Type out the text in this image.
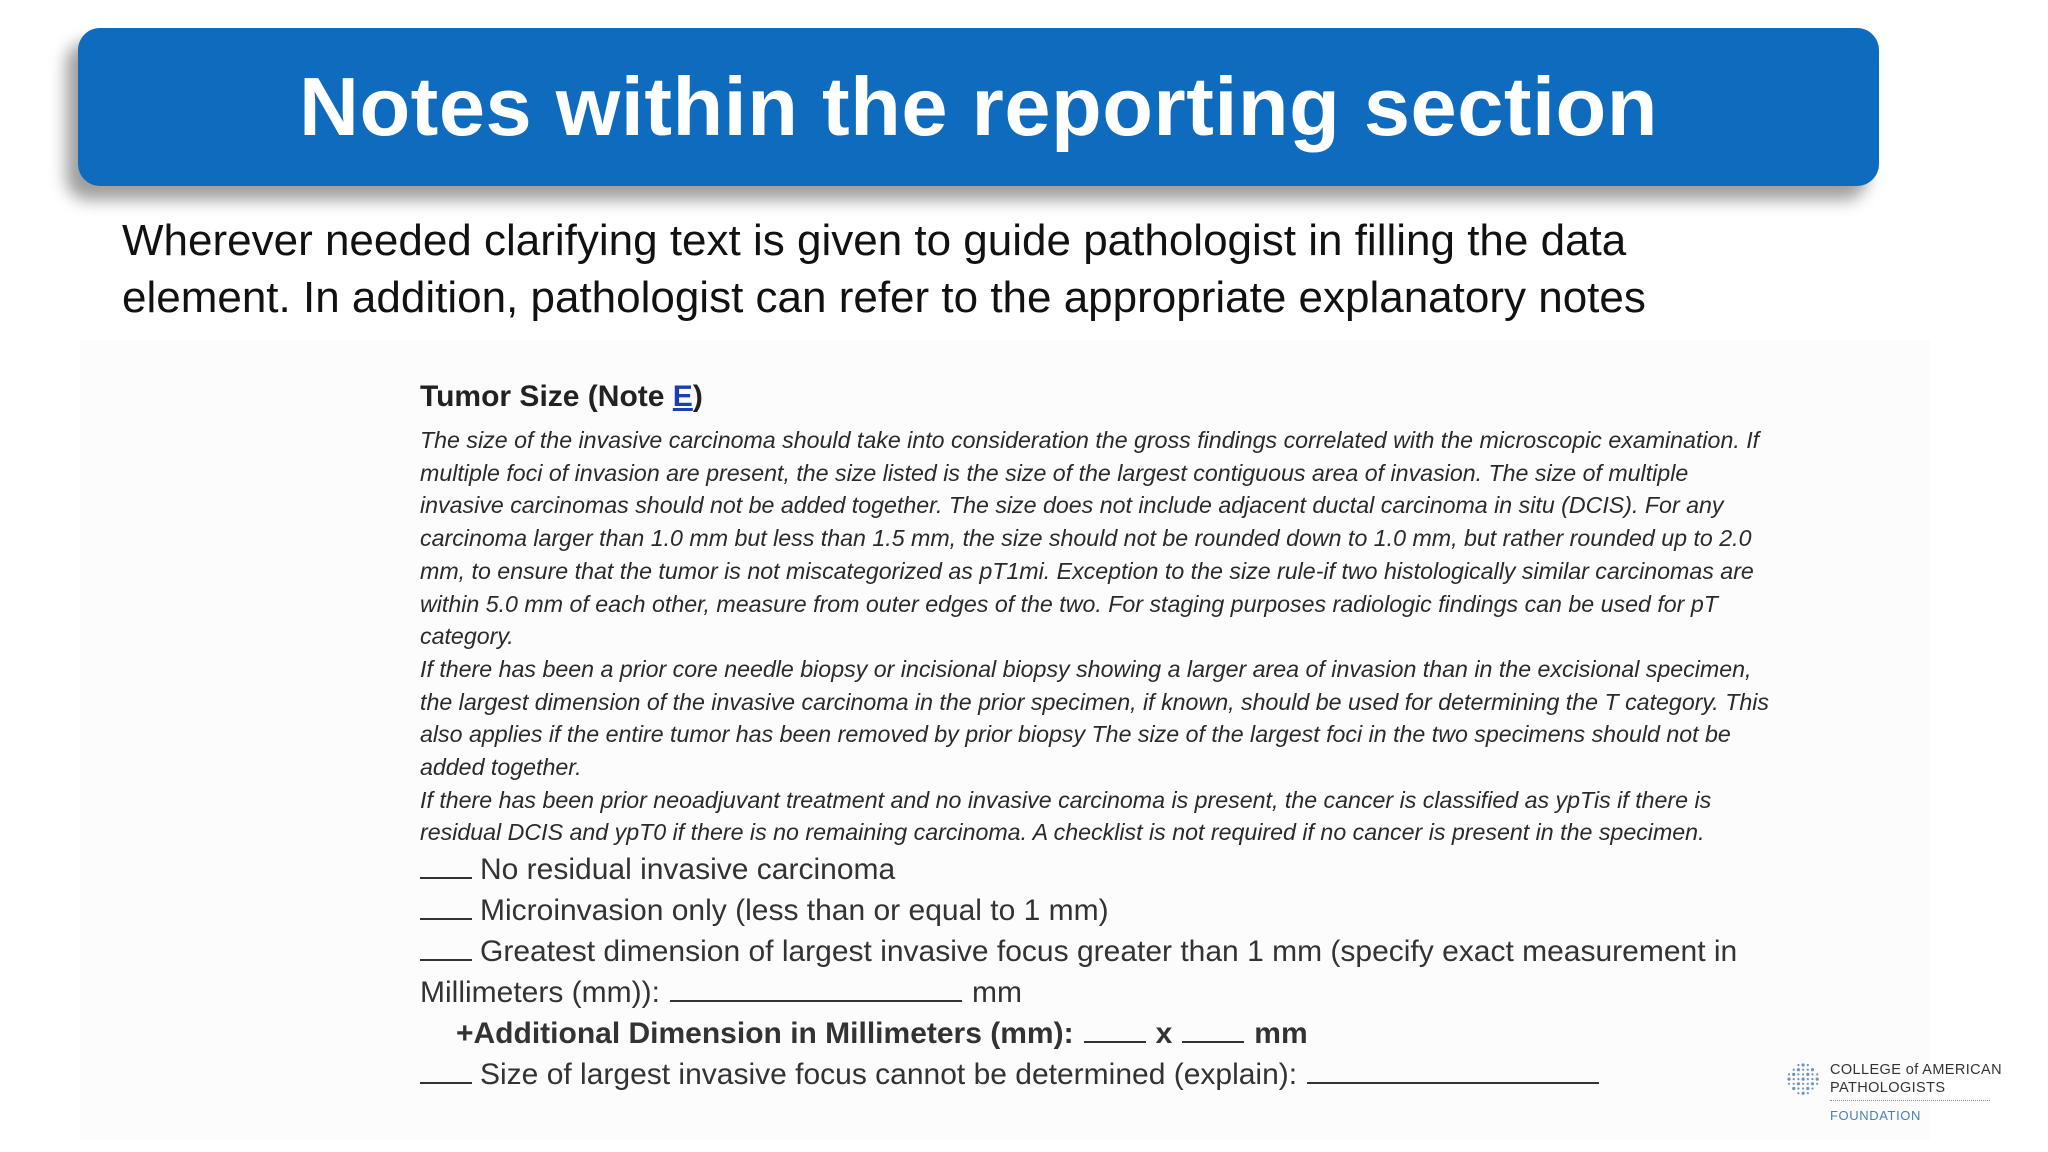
Notes within the reporting section

Wherever needed clarifying text is given to guide pathologist in filling the data
element. In addition, pathologist can refer to the appropriate explanatory notes

Tumor Size (Note E)

The size of the invasive carcinoma should take into consideration the gross findings correlated with the microscopic examination. If
multiple foci of invasion are present, the size listed is the size of the largest contiguous area of invasion. The size of multiple
invasive carcinomas should not be added together. The size does not include adjacent ductal carcinoma in situ (DCIS). For any
carcinoma larger than 1.0 mm but less than 1.5 mm, the size should not be rounded down to 1.0 mm, but rather rounded up to 2.0
mm, to ensure that the tumor is not miscategorized as pT1mi. Exception to the size rule-if two histologically similar carcinomas are
within 5.0 mm of each other, measure from outer edges of the two. For staging purposes radiologic findings can be used for pT
category.

If there has been a prior core needle biopsy or incisional biopsy showing a larger area of invasion than in the excisional specimen,
the largest dimension of the invasive carcinoma in the prior specimen, if known, should be used for determining the T category. This
also applies if the entire tumor has been removed by prior biopsy The size of the largest foci in the two specimens should not be
added together.

If there has been prior neoadjuvant treatment and no invasive carcinoma is present, the cancer is classified as ypTis if there is
residual DCIS and ypT0 if there is no remaining carcinoma. A checklist is not required if no cancer is present in the specimen.

No residual invasive carcinoma
Microinvasion only (less than or equal to 1 mm)
Greatest dimension of largest invasive focus greater than 1 mm (specify exact measurement in
Millimeters (mm)):	mm
+Additional Dimension in Millimeters (mm):	x	mm
Size of largest invasive focus cannot be determined (explain):	COLLEGE of AMERICAN
PATHOLOGISTS
FOUNDATION
